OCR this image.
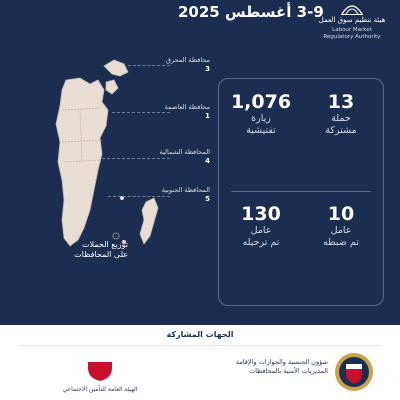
3-9 أغسطس 2025
هيئة تنظيم سوق العمل
Labour Market
Regulatory Authority
محافظة المحرق
3
محافظة العاصمة
1
المحافظة الشمالية
4
المحافظة الجنوبية
5
توزيع الحملات
على المحافظات
13
حملة
مشتركة
1,076
زيارة
تفتيشية
10
عامل
تم ضبطه
130
عامل
تم ترحيله
الجهات المشاركة
الهيئة العامة للتأمين الاجتماعي
شؤون الجنسية والجوازات والإقامة
المديريات الأمنية بالمحافظات
